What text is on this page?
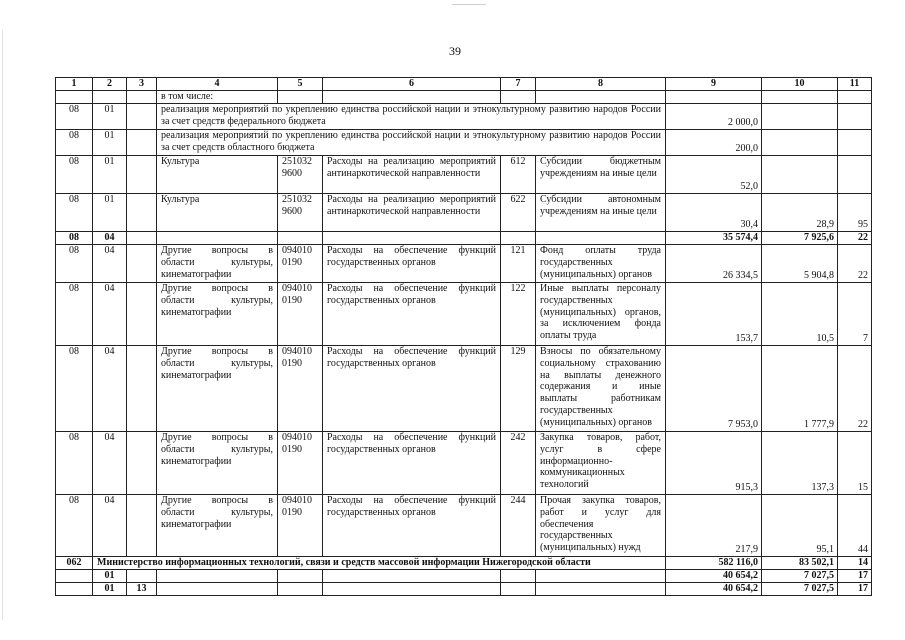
39
1	2	3	4	5	6	7	8	9	10	11
			в том числе:							
08	01		реализация мероприятий по укреплению единства российской нации и этнокультурному развитию народов России за счет средств федерального бюджета					2 000,0		
08	01		реализация мероприятий по укреплению единства российской нации и этнокультурному развитию народов России за счет средств областного бюджета					200,0		
08	01		Культура	251032 9600	Расходы на реализацию мероприятий антинаркотической направленности	612	Субсидии бюджетным учреждениям на иные цели	52,0		
08	01		Культура	251032 9600	Расходы на реализацию мероприятий антинаркотической направленности	622	Субсидии автономным учреждениям на иные цели	30,4	28,9	95
08	04							35 574,4	7 925,6	22
08	04		Другие вопросы в области культуры, кинематографии	094010 0190	Расходы на обеспечение функций государственных органов	121	Фонд оплаты труда государственных (муниципальных) органов	26 334,5	5 904,8	22
08	04		Другие вопросы в области культуры, кинематографии	094010 0190	Расходы на обеспечение функций государственных органов	122	Иные выплаты персоналу государственных (муниципальных) органов, за исключением фонда оплаты труда	153,7	10,5	7
08	04		Другие вопросы в области культуры, кинематографии	094010 0190	Расходы на обеспечение функций государственных органов	129	Взносы по обязательному социальному страхованию на выплаты денежного содержания и иные выплаты работникам государственных (муниципальных) органов	7 953,0	1 777,9	22
08	04		Другие вопросы в области культуры, кинематографии	094010 0190	Расходы на обеспечение функций государственных органов	242	Закупка товаров, работ, услуг в сфере информационно-коммуникационных технологий	915,3	137,3	15
08	04		Другие вопросы в области культуры, кинематографии	094010 0190	Расходы на обеспечение функций государственных органов	244	Прочая закупка товаров, работ и услуг для обеспечения государственных (муниципальных) нужд	217,9	95,1	44
062	Министерство информационных технологий, связи и средств массовой информации Нижегородской области							582 116,0	83 502,1	14
	01							40 654,2	7 027,5	17
	01	13						40 654,2	7 027,5	17
